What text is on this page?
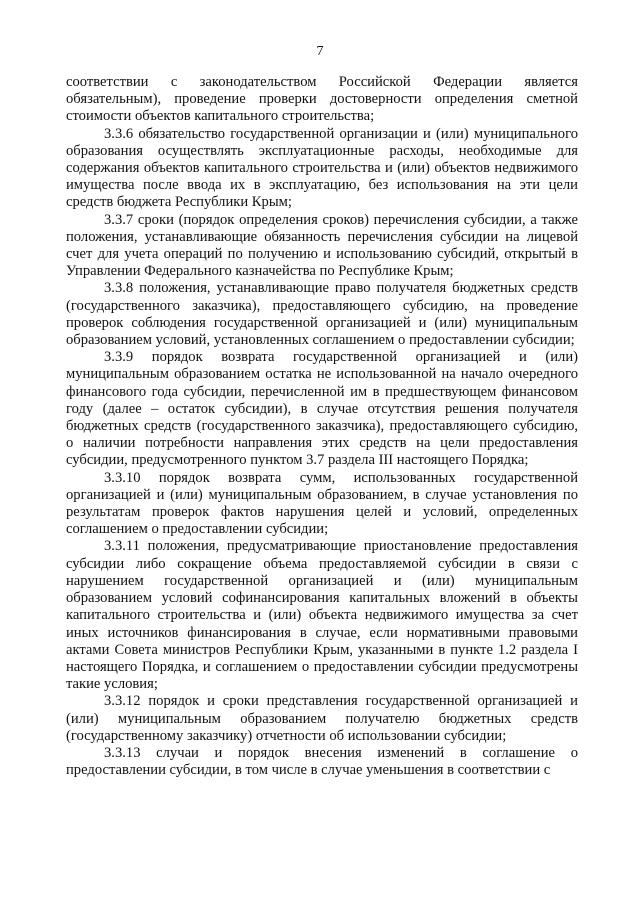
7

соответствии с законодательством Российской Федерации является обязательным), проведение проверки достоверности определения сметной стоимости объектов капитального строительства;

3.3.6 обязательство государственной организации и (или) муниципального образования осуществлять эксплуатационные расходы, необходимые для содержания объектов капитального строительства и (или) объектов недвижимого имущества после ввода их в эксплуатацию, без использования на эти цели средств бюджета Республики Крым;

3.3.7 сроки (порядок определения сроков) перечисления субсидии, а также положения, устанавливающие обязанность перечисления субсидии на лицевой счет для учета операций по получению и использованию субсидий, открытый в Управлении Федерального казначейства по Республике Крым;

3.3.8 положения, устанавливающие право получателя бюджетных средств (государственного заказчика), предоставляющего субсидию, на проведение проверок соблюдения государственной организацией и (или) муниципальным образованием условий, установленных соглашением о предоставлении субсидии;

3.3.9 порядок возврата государственной организацией и (или) муниципальным образованием остатка не использованной на начало очередного финансового года субсидии, перечисленной им в предшествующем финансовом году (далее – остаток субсидии), в случае отсутствия решения получателя бюджетных средств (государственного заказчика), предоставляющего субсидию, о наличии потребности направления этих средств на цели предоставления субсидии, предусмотренного пунктом 3.7 раздела III настоящего Порядка;

3.3.10 порядок возврата сумм, использованных государственной организацией и (или) муниципальным образованием, в случае установления по результатам проверок фактов нарушения целей и условий, определенных соглашением о предоставлении субсидии;

3.3.11 положения, предусматривающие приостановление предоставления субсидии либо сокращение объема предоставляемой субсидии в связи с нарушением государственной организацией и (или) муниципальным образованием условий софинансирования капитальных вложений в объекты капитального строительства и (или) объекта недвижимого имущества за счет иных источников финансирования в случае, если нормативными правовыми актами Совета министров Республики Крым, указанными в пункте 1.2 раздела I настоящего Порядка, и соглашением о предоставлении субсидии предусмотрены такие условия;

3.3.12 порядок и сроки представления государственной организацией и (или) муниципальным образованием получателю бюджетных средств (государственному заказчику) отчетности об использовании субсидии;

3.3.13 случаи и порядок внесения изменений в соглашение о предоставлении субсидии, в том числе в случае уменьшения в соответствии с
